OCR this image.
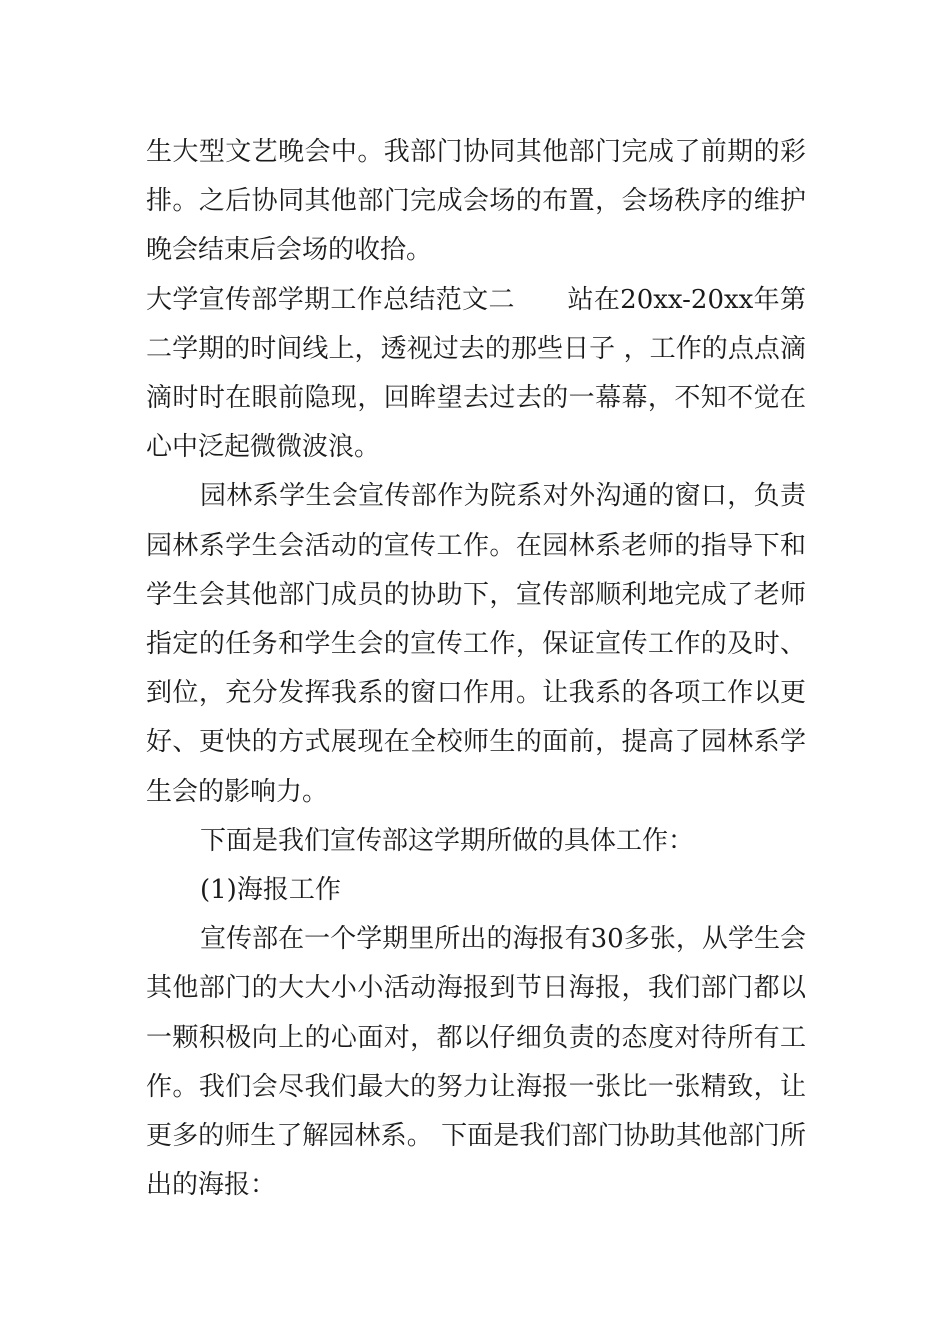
生大型文艺晚会中。我部门协同其他部门完成了前期的彩排。之后协同其他部门完成会场的布置，会场秩序的维护晚会结束后会场的收拾。

大学宣传部学期工作总结范文二　　站在20xx-20xx年第二学期的时间线上，透视过去的那些日子 ，工作的点点滴滴时时在眼前隐现，回眸望去过去的一幕幕，不知不觉在心中泛起微微波浪。

园林系学生会宣传部作为院系对外沟通的窗口，负责园林系学生会活动的宣传工作。在园林系老师的指导下和学生会其他部门成员的协助下，宣传部顺利地完成了老师指定的任务和学生会的宣传工作，保证宣传工作的及时、到位，充分发挥我系的窗口作用。让我系的各项工作以更好、更快的方式展现在全校师生的面前，提高了园林系学生会的影响力。

下面是我们宣传部这学期所做的具体工作：

(1)海报工作

宣传部在一个学期里所出的海报有30多张，从学生会其他部门的大大小小活动海报到节日海报，我们部门都以一颗积极向上的心面对，都以仔细负责的态度对待所有工作。我们会尽我们最大的努力让海报一张比一张精致，让更多的师生了解园林系。 下面是我们部门协助其他部门所出的海报：
